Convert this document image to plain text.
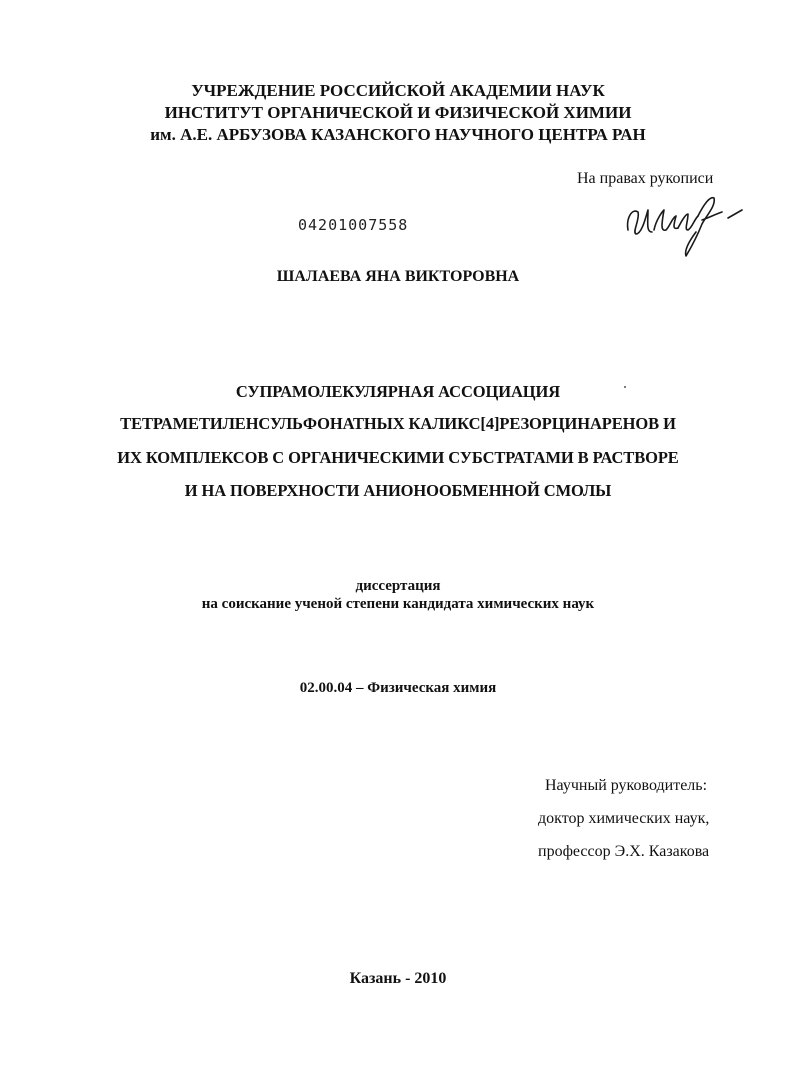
УЧРЕЖДЕНИЕ РОССИЙСКОЙ АКАДЕМИИ НАУК
ИНСТИТУТ ОРГАНИЧЕСКОЙ И ФИЗИЧЕСКОЙ ХИМИИ
им. А.Е. АРБУЗОВА КАЗАНСКОГО НАУЧНОГО ЦЕНТРА РАН
На правах рукописи
04201007558
ШАЛАЕВА ЯНА ВИКТОРОВНА
СУПРАМОЛЕКУЛЯРНАЯ АССОЦИАЦИЯ
ТЕТРАМЕТИЛЕНСУЛЬФОНАТНЫХ КАЛИКС[4]РЕЗОРЦИНАРЕНОВ И
ИХ КОМПЛЕКСОВ С ОРГАНИЧЕСКИМИ СУБСТРАТАМИ В РАСТВОРЕ
И НА ПОВЕРХНОСТИ АНИОНООБМЕННОЙ СМОЛЫ
диссертация
на соискание ученой степени кандидата химических наук
02.00.04 – Физическая химия
Научный руководитель:
доктор химических наук,
профессор Э.Х. Казакова
Казань - 2010
